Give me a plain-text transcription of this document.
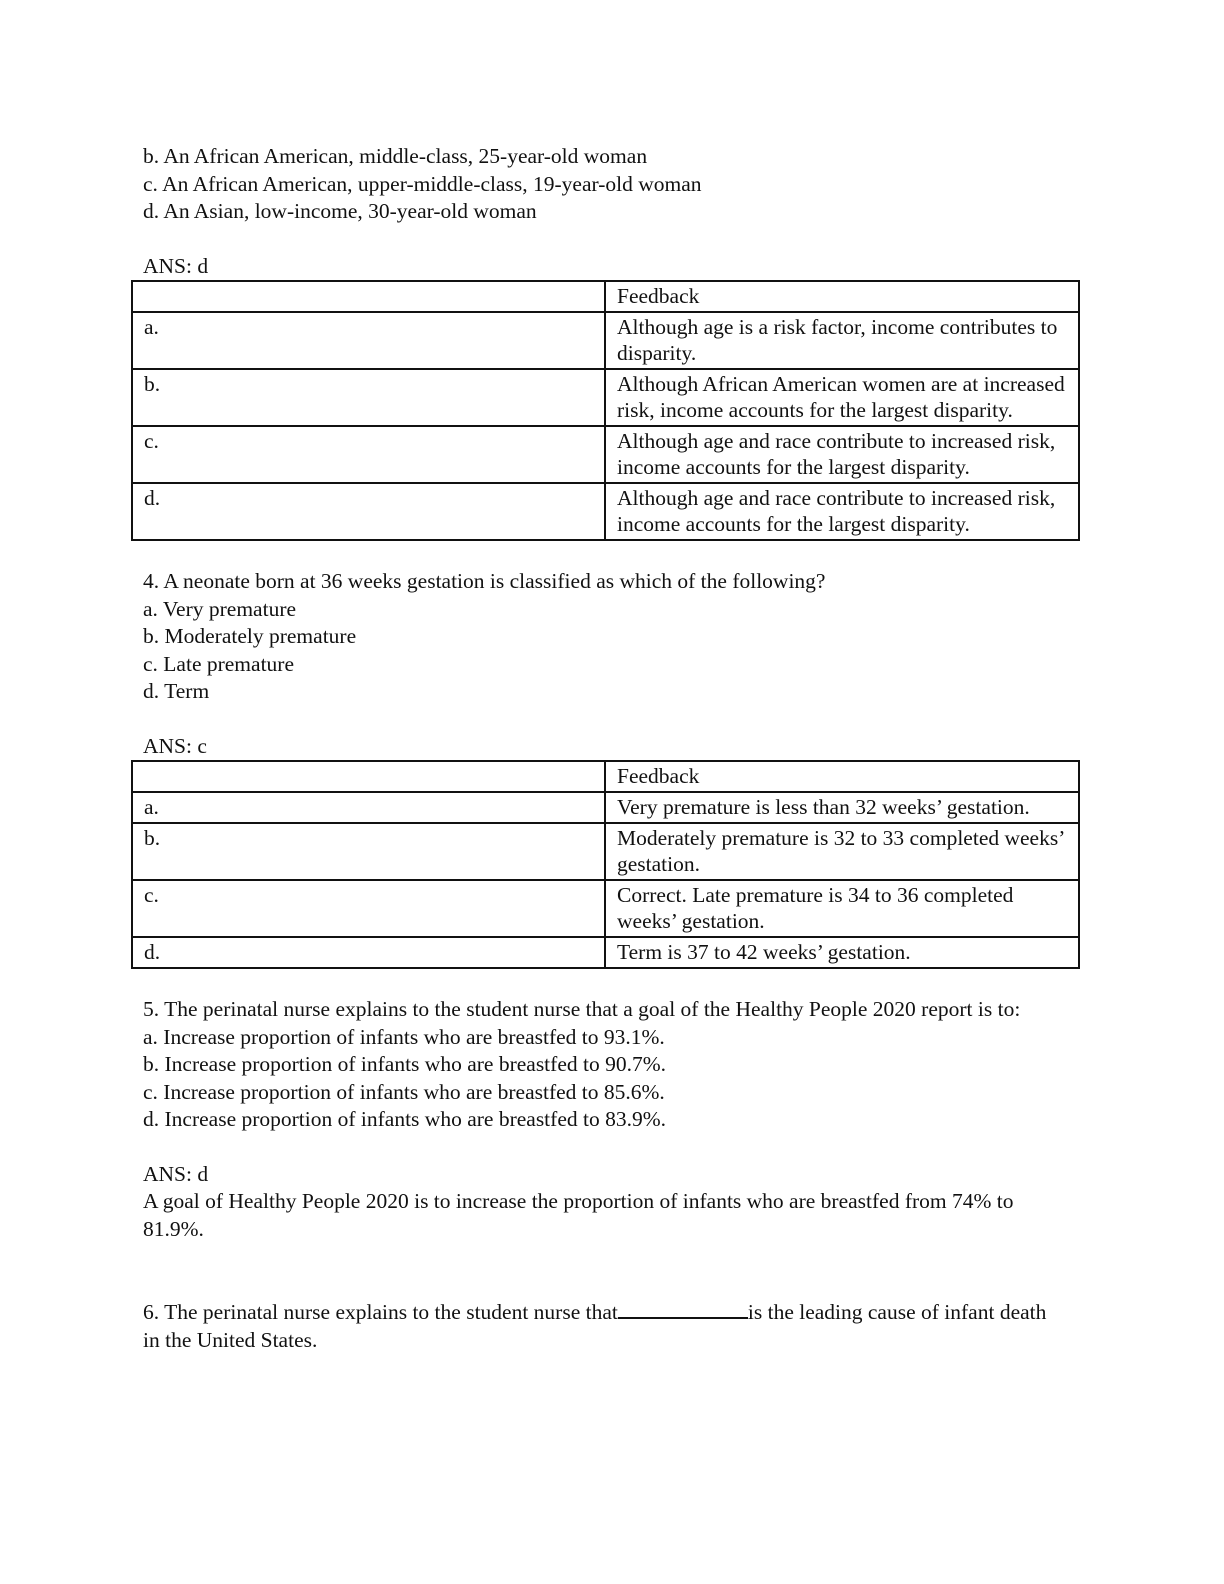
b. An African American, middle-class, 25-year-old woman

c. An African American, upper-middle-class, 19-year-old woman

d. An Asian, low-income, 30-year-old woman

ANS: d

	Feedback
a.	Although age is a risk factor, income contributes to disparity.
b.	Although African American women are at increased risk, income accounts for the largest disparity.
c.	Although age and race contribute to increased risk, income accounts for the largest disparity.
d.	Although age and race contribute to increased risk, income accounts for the largest disparity.

4. A neonate born at 36 weeks gestation is classified as which of the following?

a. Very premature

b. Moderately premature

c. Late premature

d. Term

ANS: c

	Feedback
a.	Very premature is less than 32 weeks’ gestation.
b.	Moderately premature is 32 to 33 completed weeks’ gestation.
c.	Correct. Late premature is 34 to 36 completed weeks’ gestation.
d.	Term is 37 to 42 weeks’ gestation.

5. The perinatal nurse explains to the student nurse that a goal of the Healthy People 2020 report is to:

a. Increase proportion of infants who are breastfed to 93.1%.

b. Increase proportion of infants who are breastfed to 90.7%.

c. Increase proportion of infants who are breastfed to 85.6%.

d. Increase proportion of infants who are breastfed to 83.9%.

ANS: d

A goal of Healthy People 2020 is to increase the proportion of infants who are breastfed from 74% to 81.9%.

6. The perinatal nurse explains to the student nurse that	is the leading cause of infant death in the United States.
